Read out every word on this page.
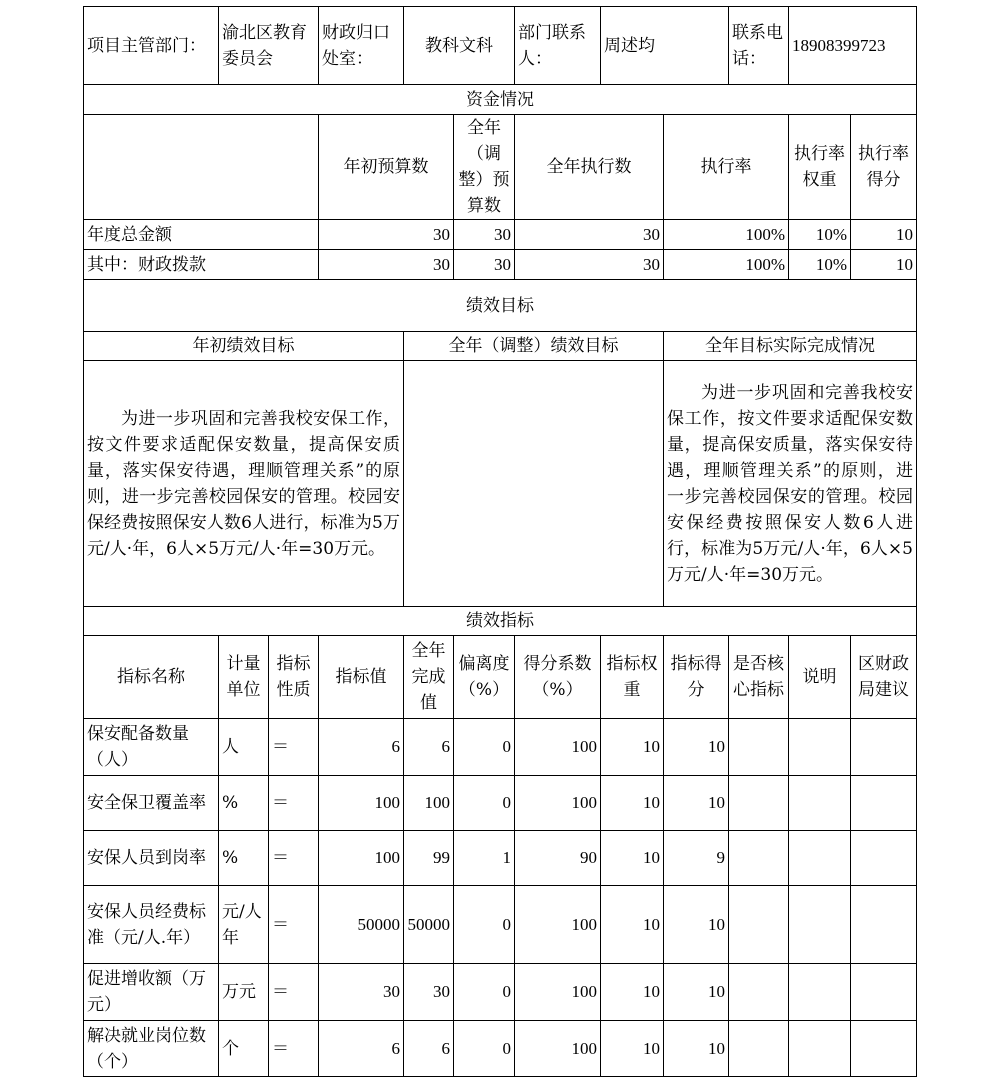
项目主管部门：	渝北区教育委员会		财政归口处室：	教科文科		部门联系人：	周述均		联系电话：	18908399723	
资金情况											
			年初预算数		全年（调整）预算数	全年执行数		执行率		执行率权重	执行率得分
年度总金额			30		30	30		100%		10%	10
其中：财政拨款			30		30	30		100%		10%	10
绩效目标											
年初绩效目标				全年（调整）绩效目标				全年目标实际完成情况			

为进一步巩固和完善我校安保工作，按文件要求适配保安数量，提高保安质量，落实保安待遇，理顺管理关系”的原则，进一步完善校园保安的管理。校园安保经费按照保安人数6人进行，标准为5万元/人·年，6人×5万元/人·年=30万元。								为进一步巩固和完善我校安保工作，按文件要求适配保安数量，提高保安质量，落实保安待遇，理顺管理关系”的原则，进一步完善校园保安的管理。校园安保经费按照保安人数6人进行，标准为5万元/人·年，6人×5万元/人·年=30万元。			

绩效指标											
指标名称	计量单位	指标性质	指标值	全年完成值	偏离度（%）	得分系数（%）	指标权重	指标得分	是否核心指标	说明	区财政局建议
保安配备数量（人）	人	＝	6	6	0	100	10	10			
安全保卫覆盖率	%	＝	100	100	0	100	10	10			
安保人员到岗率	%	＝	100	99	1	90	10	9			
安保人员经费标准（元/人.年）	元/人年	＝	50000	50000	0	100	10	10			
促进增收额（万元）	万元	＝	30	30	0	100	10	10			
解决就业岗位数（个）	个	＝	6	6	0	100	10	10			
